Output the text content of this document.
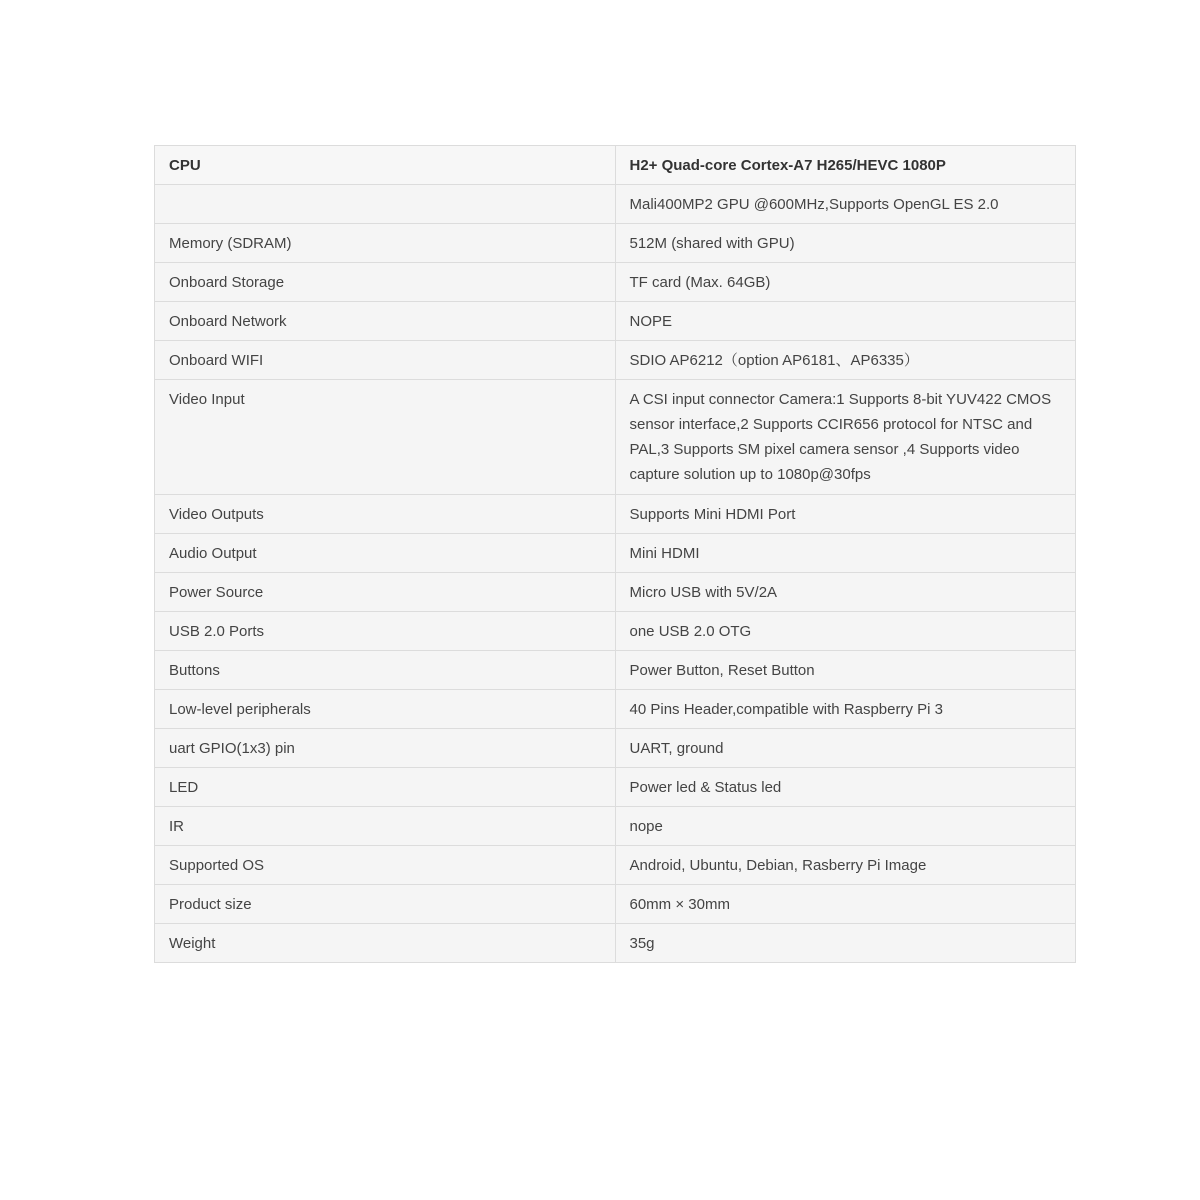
CPU	H2+ Quad-core Cortex-A7 H265/HEVC 1080P
	Mali400MP2 GPU @600MHz,Supports OpenGL ES 2.0
Memory (SDRAM)	512M (shared with GPU)
Onboard Storage	TF card (Max. 64GB)
Onboard Network	NOPE
Onboard WIFI	SDIO AP6212（option AP6181、AP6335）
Video Input	A CSI input connector Camera:1 Supports 8-bit YUV422 CMOS sensor interface,2 Supports CCIR656 protocol for NTSC and PAL,3 Supports SM pixel camera sensor ,4 Supports video capture solution up to 1080p@30fps
Video Outputs	Supports Mini HDMI Port
Audio Output	Mini HDMI
Power Source	Micro USB with 5V/2A
USB 2.0 Ports	one USB 2.0 OTG
Buttons	Power Button, Reset Button
Low-level peripherals	40 Pins Header,compatible with Raspberry Pi 3
uart GPIO(1x3) pin	UART, ground
LED	Power led & Status led
IR	nope
Supported OS	Android, Ubuntu, Debian, Rasberry Pi Image
Product size	60mm × 30mm
Weight	35g
